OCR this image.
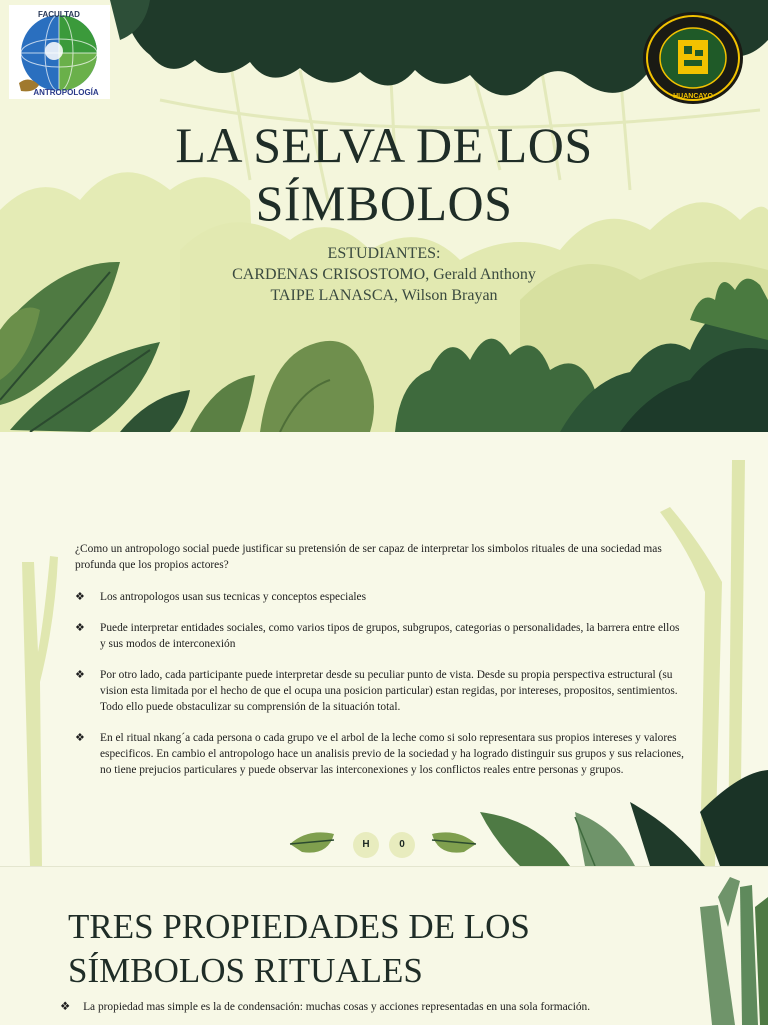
FACULTAD
ANTROPOLOGÍA	HUANCAYO
LA SELVA DE LOS
SÍMBOLOS
ESTUDIANTES:
CARDENAS CRISOSTOMO, Gerald Anthony
TAIPE LANASCA, Wilson Brayan

¿Como un antropologo social puede justificar su pretensión de ser capaz de interpretar los simbolos rituales de una sociedad mas profunda que los propios actores?

❖ Los antropologos usan sus tecnicas y conceptos especiales
❖ Puede interpretar entidades sociales, como varios tipos de grupos, subgrupos, categorias o personalidades, la barrera entre ellos y sus modos de interconexión
❖ Por otro lado, cada participante puede interpretar desde su peculiar punto de vista. Desde su propia perspectiva estructural (su vision esta limitada por el hecho de que el ocupa una posicion particular) estan regidas, por intereses, propositos, sentimientos. Todo ello puede obstaculizar su comprensión de la situación total.
❖ En el ritual nkang´a cada persona o cada grupo ve el arbol de la leche como si solo representara sus propios intereses y valores especificos. En cambio el antropologo hace un analisis previo de la sociedad y ha logrado distinguir sus grupos y sus relaciones, no tiene prejucios particulares y puede observar las interconexiones y los conflictos reales entre personas y grupos.
H	0
TRES PROPIEDADES DE LOS
SÍMBOLOS RITUALES
❖ La propiedad mas simple es la de condensación: muchas cosas y acciones representadas en una sola formación.
